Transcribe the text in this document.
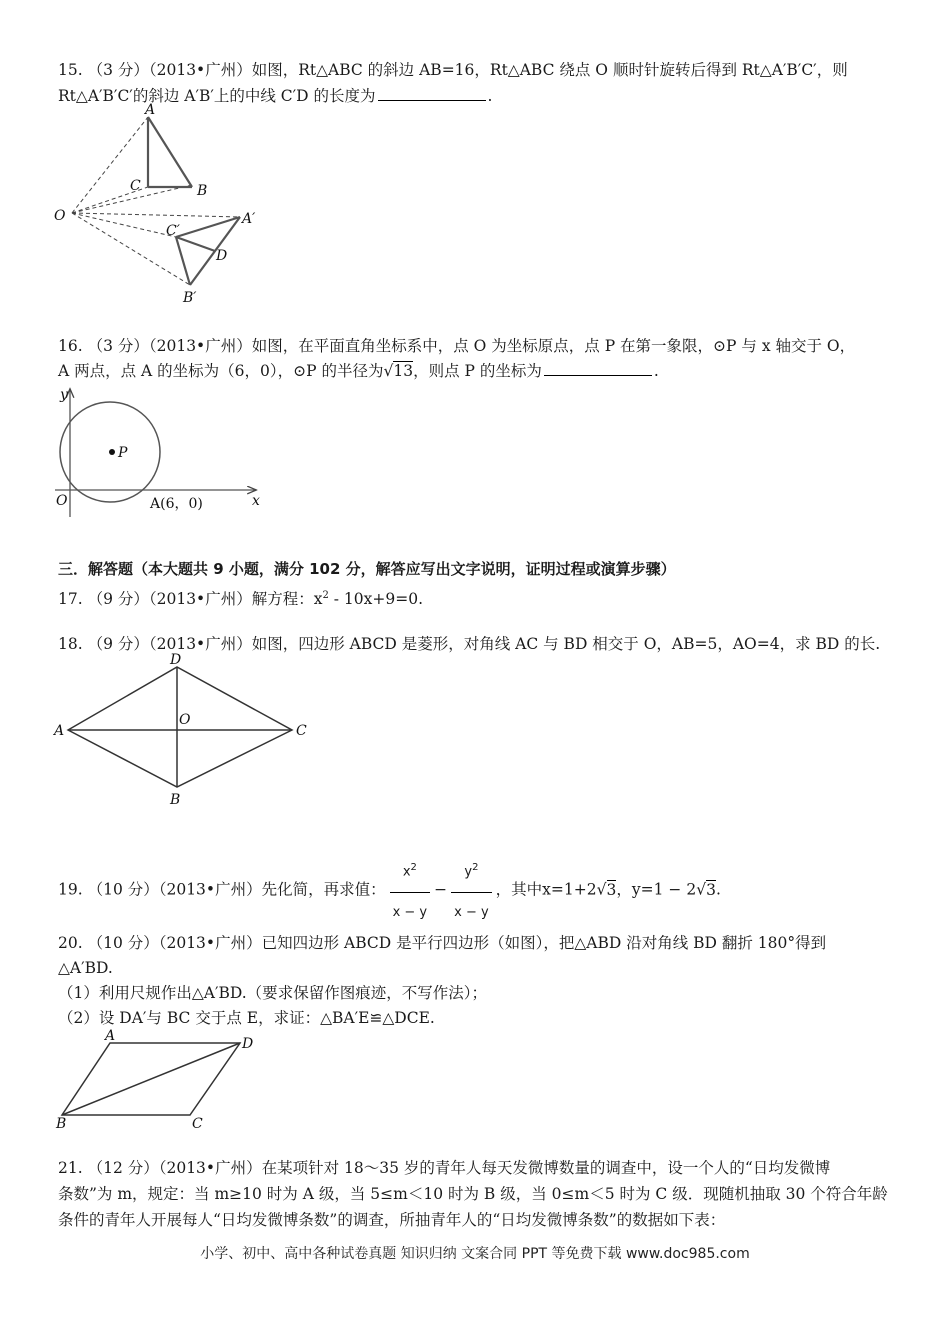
15. （3 分）（2013•广州）如图，Rt△ABC 的斜边 AB=16，Rt△ABC 绕点 O 顺时针旋转后得到 Rt△A′B′C′，则
Rt△A′B′C′的斜边 A′B′上的中线 C′D 的长度为	.
A
C	B
O	A′
C′
D
B′
16. （3 分）（2013•广州）如图，在平面直角坐标系中，点 O 为坐标原点，点 P 在第一象限，⊙P 与 x 轴交于 O，
A 两点，点 A 的坐标为（6，0），⊙P 的半径为√13，则点 P 的坐标为	.
y
x
O
P
A(6，0)
三．解答题（本大题共 9 小题，满分 102 分，解答应写出文字说明，证明过程或演算步骤）
17. （9 分）（2013•广州）解方程：$x^2 - 10x+9=0$.
18. （9 分）（2013•广州）如图，四边形 ABCD 是菱形，对角线 AC 与 BD 相交于 O，AB=5，AO=4，求 BD 的长.
D
O
A	C
B
19. （10 分）（2013•广州）先化简，再求值： $\frac{x^2}{x - y} - \frac{y^2}{x - y}$ ，其中x=1+2√3，y=1 − 2√3.
20. （10 分）（2013•广州）已知四边形 ABCD 是平行四边形（如图），把△ABD 沿对角线 BD 翻折 180°得到
△A′BD.
（1）利用尺规作出△A′BD.（要求保留作图痕迹，不写作法）；
（2）设 DA′与 BC 交于点 E，求证：△BA′E≌△DCE.
A	D
B	C
21. （12 分）（2013•广州）在某项针对 18～35 岁的青年人每天发微博数量的调查中，设一个人的“日均发微博
条数”为 m，规定：当 m≥10 时为 A 级，当 5≤m＜10 时为 B 级，当 0≤m＜5 时为 C 级．现随机抽取 30 个符合年龄
条件的青年人开展每人“日均发微博条数”的调查，所抽青年人的“日均发微博条数”的数据如下表：
小学、初中、高中各种试卷真题 知识归纳 文案合同 PPT 等免费下载 www.doc985.com
